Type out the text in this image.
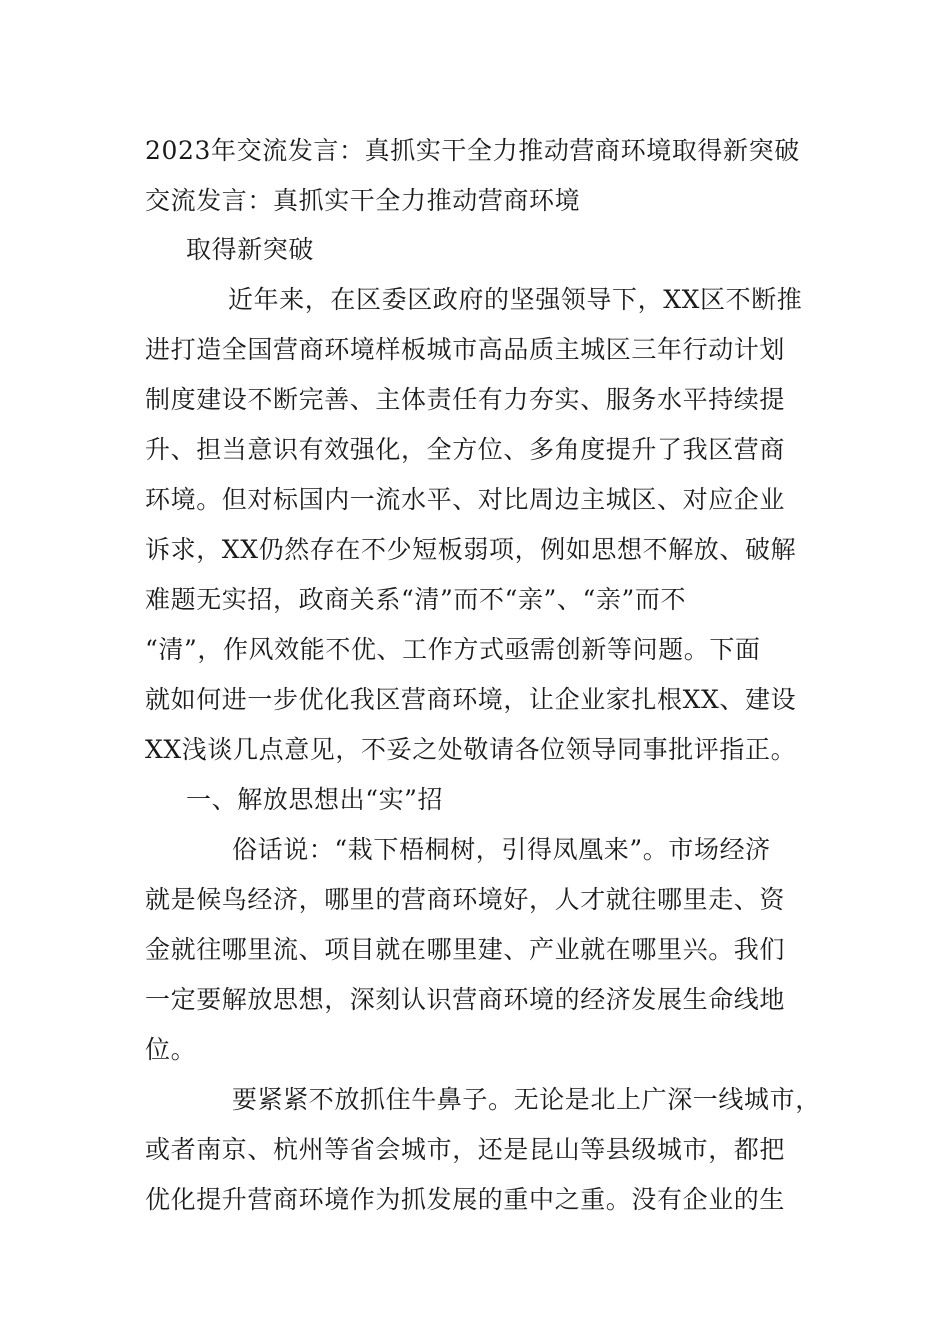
2023年交流发言：真抓实干全力推动营商环境取得新突破
交流发言：真抓实干全力推动营商环境
取得新突破
近年来，在区委区政府的坚强领导下，XX区不断推
进打造全国营商环境样板城市高品质主城区三年行动计划
制度建设不断完善、主体责任有力夯实、服务水平持续提
升、担当意识有效强化，全方位、多角度提升了我区营商
环境。但对标国内一流水平、对比周边主城区、对应企业
诉求，XX仍然存在不少短板弱项，例如思想不解放、破解
难题无实招，政商关系“清”而不“亲”、“亲”而不
“清”，作风效能不优、工作方式亟需创新等问题。下面
就如何进一步优化我区营商环境，让企业家扎根XX、建设
XX浅谈几点意见，不妥之处敬请各位领导同事批评指正。
一、解放思想出“实”招
俗话说：“栽下梧桐树，引得凤凰来”。市场经济
就是候鸟经济，哪里的营商环境好，人才就往哪里走、资
金就往哪里流、项目就在哪里建、产业就在哪里兴。我们
一定要解放思想，深刻认识营商环境的经济发展生命线地
位。
要紧紧不放抓住牛鼻子。无论是北上广深一线城市，
或者南京、杭州等省会城市，还是昆山等县级城市，都把
优化提升营商环境作为抓发展的重中之重。没有企业的生
